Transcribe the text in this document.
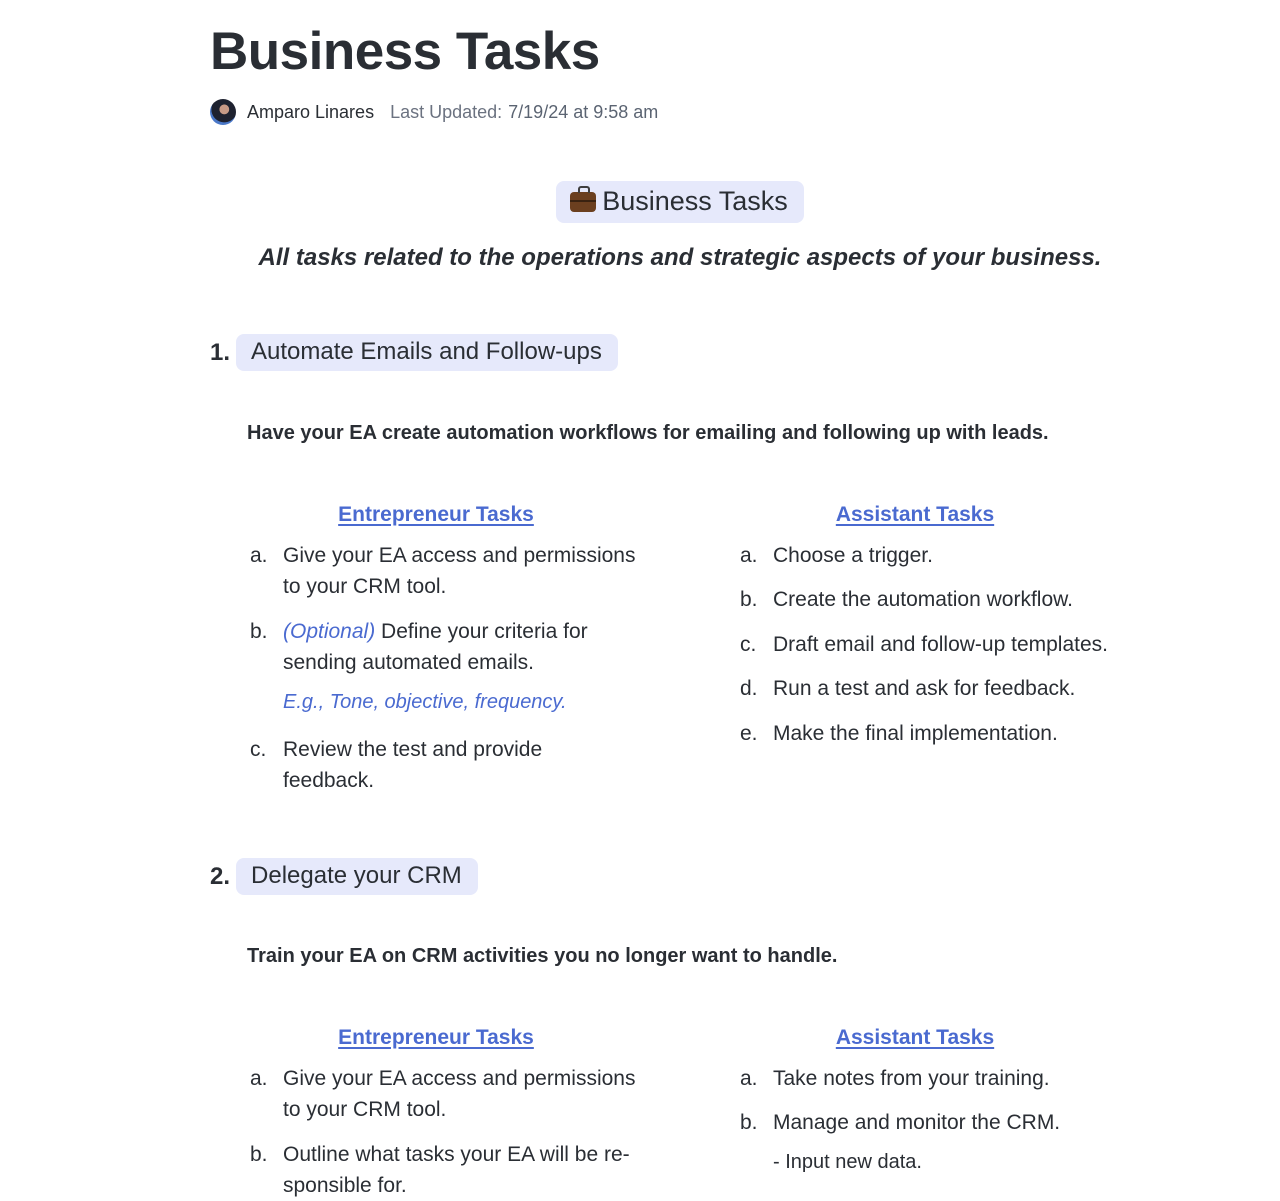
Business Tasks
Amparo Linares Last Updated: 7/19/24 at 9:58 am
Business Tasks

All tasks related to the operations and strategic aspects of your business.

1. Automate Emails and Follow-ups

Have your EA create automation workflows for emailing and following up with leads.

Entrepreneur Tasks
a. Give your EA access and permissions
to your CRM tool.
b. (Optional) Define your criteria for
sending automated emails.
E.g., Tone, objective, frequency.
c. Review the test and provide
feedback.
Assistant Tasks
a. Choose a trigger.
b. Create the automation workflow.
c. Draft email and follow-up templates.
d. Run a test and ask for feedback.
e. Make the final implementation.
2. Delegate your CRM

Train your EA on CRM activities you no longer want to handle.

Entrepreneur Tasks
a. Give your EA access and permissions
to your CRM tool.
b. Outline what tasks your EA will be re-
sponsible for.
Assistant Tasks
a. Take notes from your training.
b. Manage and monitor the CRM.
- Input new data.
